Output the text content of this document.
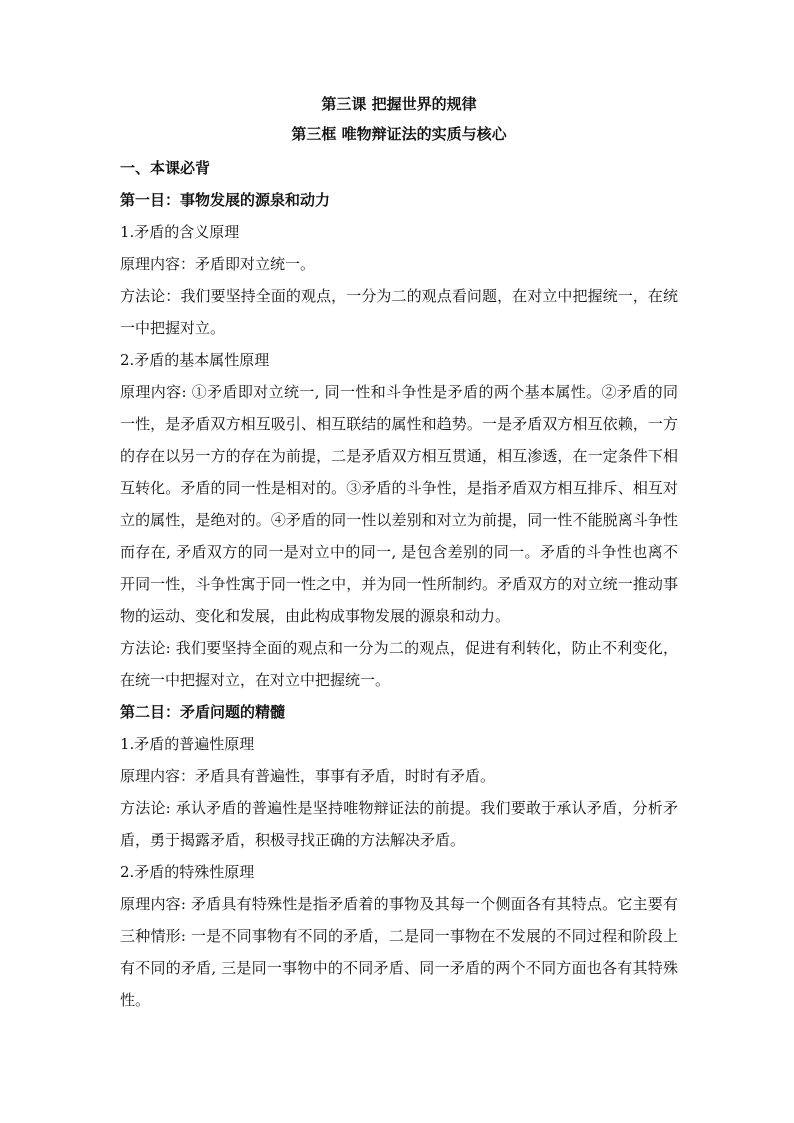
第三课 把握世界的规律
第三框 唯物辩证法的实质与核心
一、本课必背
第一目：事物发展的源泉和动力
1.矛盾的含义原理
原理内容：矛盾即对立统一。
方法论：我们要坚持全面的观点，一分为二的观点看问题，在对立中把握统一，在统一中把握对立。
2.矛盾的基本属性原理
原理内容: ①矛盾即对立统一, 同一性和斗争性是矛盾的两个基本属性。②矛盾的同一性，是矛盾双方相互吸引、相互联结的属性和趋势。一是矛盾双方相互依赖，一方的存在以另一方的存在为前提，二是矛盾双方相互贯通，相互渗透，在一定条件下相互转化。矛盾的同一性是相对的。③矛盾的斗争性，是指矛盾双方相互排斥、相互对立的属性，是绝对的。④矛盾的同一性以差别和对立为前提，同一性不能脱离斗争性而存在, 矛盾双方的同一是对立中的同一, 是包含差别的同一。矛盾的斗争性也离不开同一性，斗争性寓于同一性之中，并为同一性所制约。矛盾双方的对立统一推动事物的运动、变化和发展，由此构成事物发展的源泉和动力。
方法论: 我们要坚持全面的观点和一分为二的观点，促进有利转化，防止不利变化，在统一中把握对立，在对立中把握统一。
第二目：矛盾问题的精髓
1.矛盾的普遍性原理
原理内容：矛盾具有普遍性，事事有矛盾，时时有矛盾。
方法论: 承认矛盾的普遍性是坚持唯物辩证法的前提。我们要敢于承认矛盾，分析矛盾，勇于揭露矛盾，积极寻找正确的方法解决矛盾。
2.矛盾的特殊性原理
原理内容: 矛盾具有特殊性是指矛盾着的事物及其每一个侧面各有其特点。它主要有三种情形: 一是不同事物有不同的矛盾，二是同一事物在不发展的不同过程和阶段上有不同的矛盾, 三是同一事物中的不同矛盾、同一矛盾的两个不同方面也各有其特殊性。
